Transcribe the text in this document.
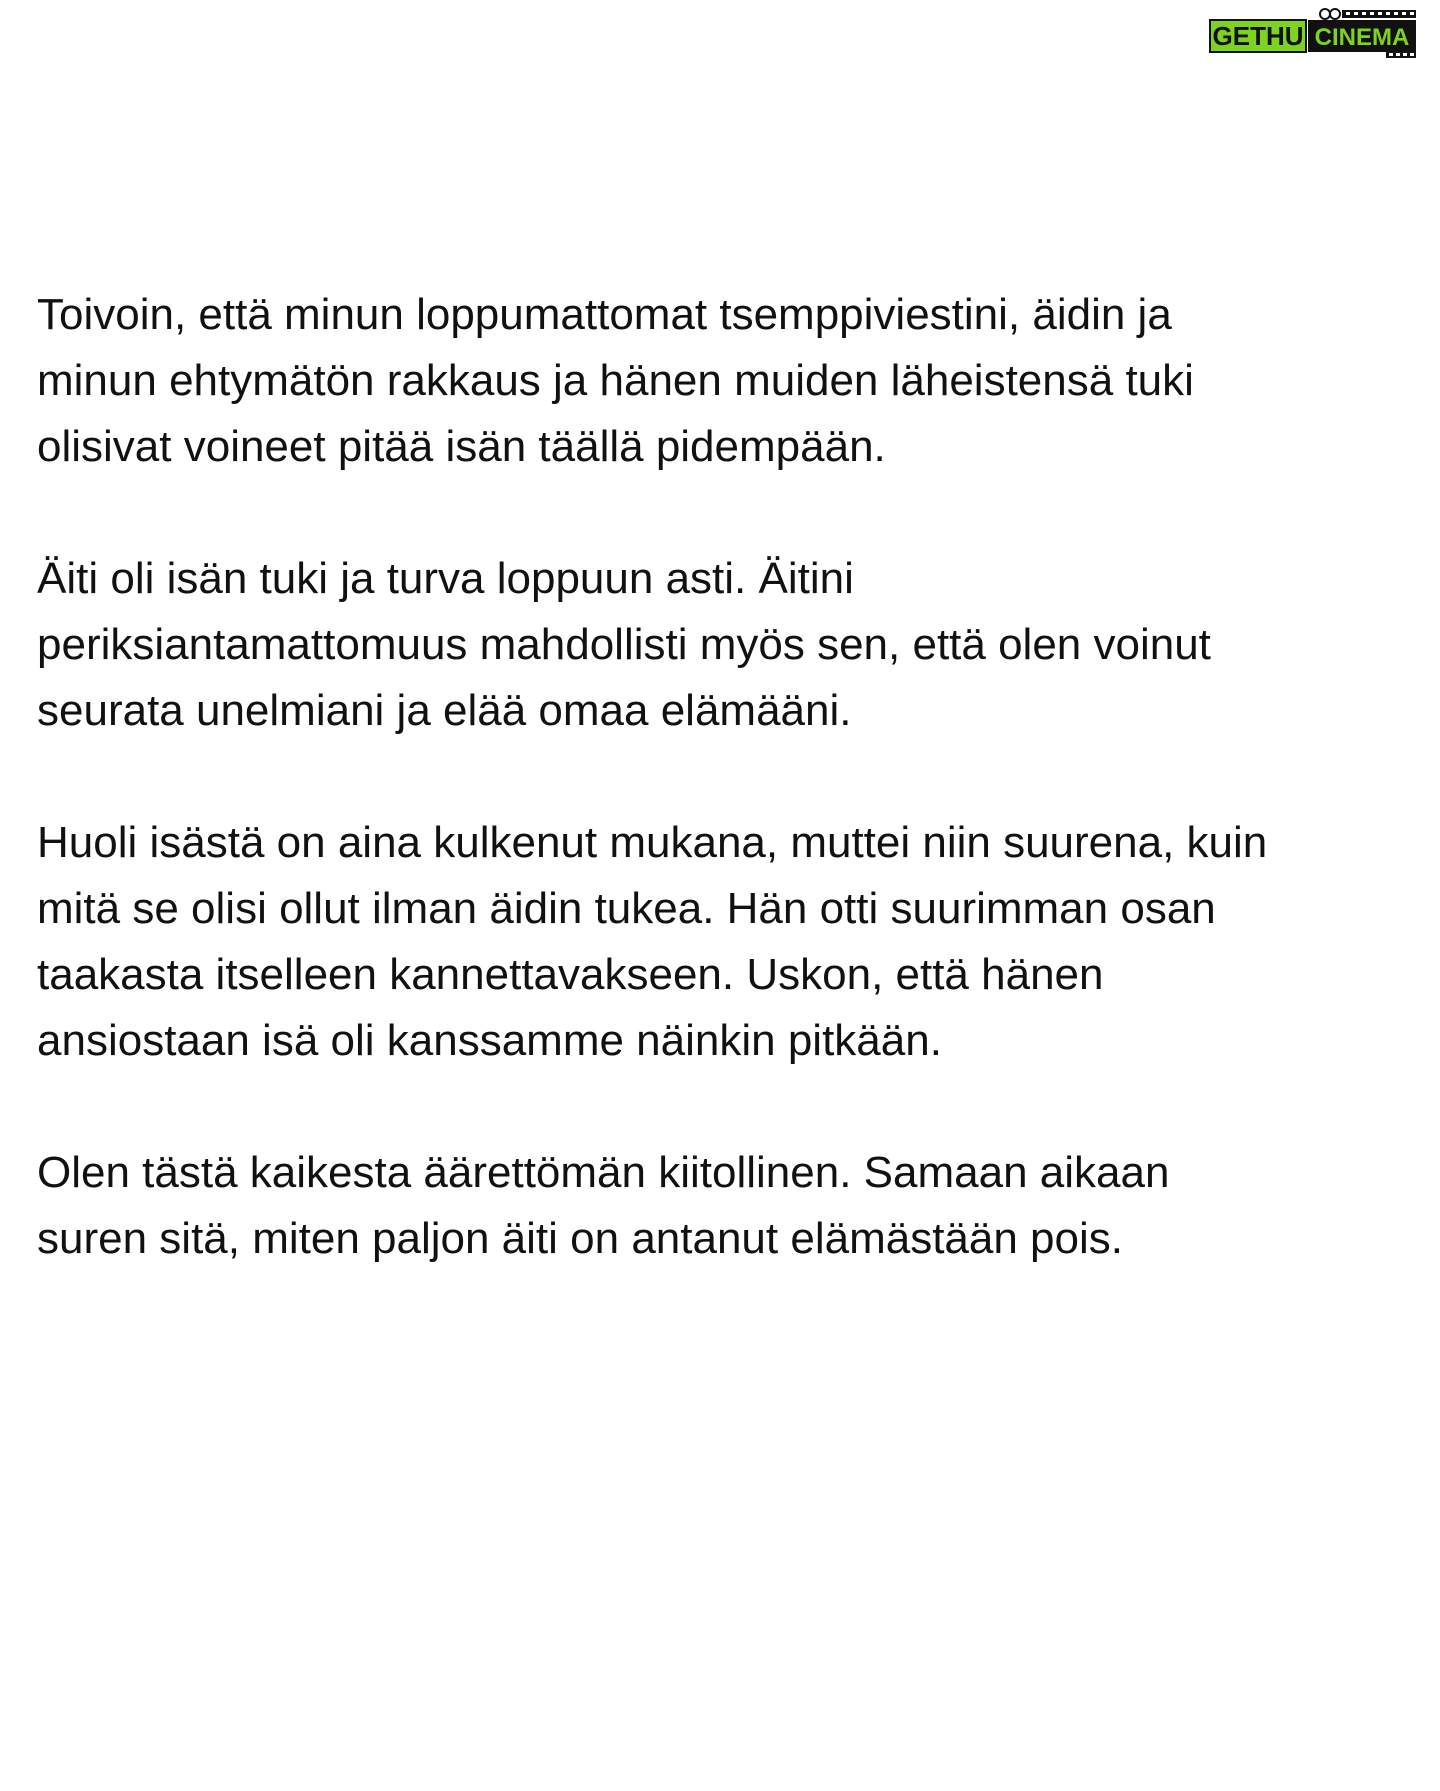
GETHU CINEMA

Toivoin, että minun loppumattomat tsemppiviestini, äidin ja
minun ehtymätön rakkaus ja hänen muiden läheistensä tuki
olisivat voineet pitää isän täällä pidempään.

Äiti oli isän tuki ja turva loppuun asti. Äitini
periksiantamattomuus mahdollisti myös sen, että olen voinut
seurata unelmiani ja elää omaa elämääni.

Huoli isästä on aina kulkenut mukana, muttei niin suurena, kuin
mitä se olisi ollut ilman äidin tukea. Hän otti suurimman osan
taakasta itselleen kannettavakseen. Uskon, että hänen
ansiostaan isä oli kanssamme näinkin pitkään.

Olen tästä kaikesta äärettömän kiitollinen. Samaan aikaan
suren sitä, miten paljon äiti on antanut elämästään pois.
